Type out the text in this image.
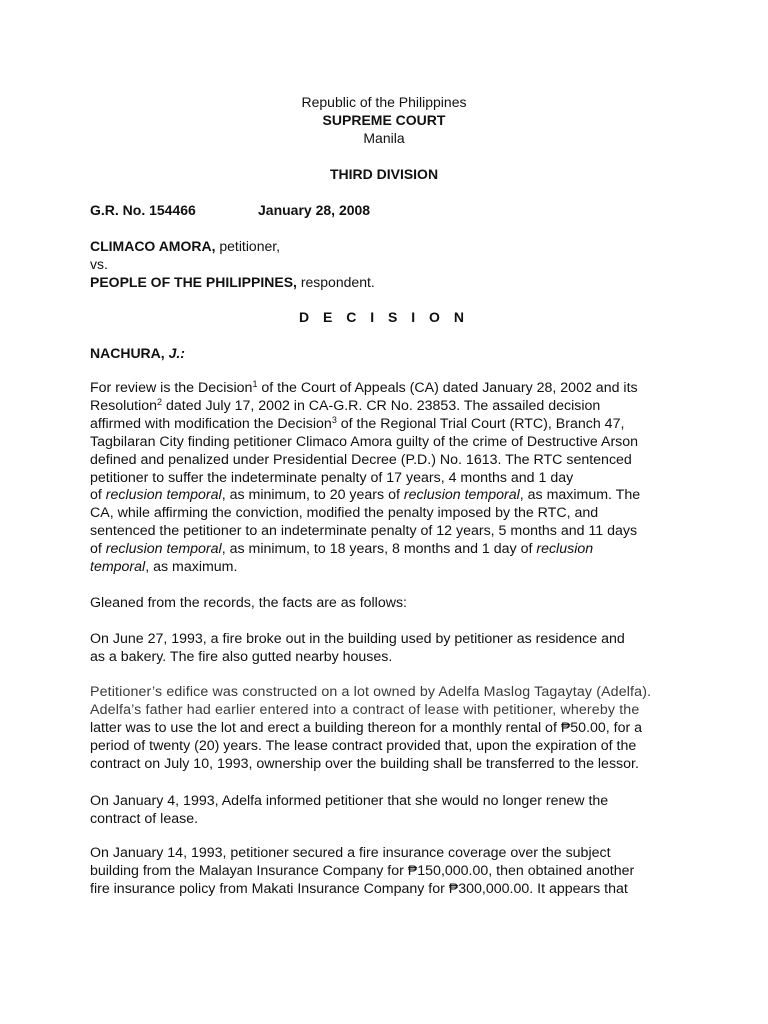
Republic of the Philippines
SUPREME COURT
Manila
THIRD DIVISION
G.R. No. 154466	January 28, 2008
CLIMACO AMORA, petitioner,
vs.
PEOPLE OF THE PHILIPPINES, respondent.
D E C I S I O N
NACHURA, J.:
For review is the Decision$^1$ of the Court of Appeals (CA) dated January 28, 2002 and its
Resolution$^2$ dated July 17, 2002 in CA-G.R. CR No. 23853. The assailed decision
affirmed with modification the Decision$^3$ of the Regional Trial Court (RTC), Branch 47,
Tagbilaran City finding petitioner Climaco Amora guilty of the crime of Destructive Arson
defined and penalized under Presidential Decree (P.D.) No. 1613. The RTC sentenced
petitioner to suffer the indeterminate penalty of 17 years, 4 months and 1 day
of reclusion temporal, as minimum, to 20 years of reclusion temporal, as maximum. The
CA, while affirming the conviction, modified the penalty imposed by the RTC, and
sentenced the petitioner to an indeterminate penalty of 12 years, 5 months and 11 days
of reclusion temporal, as minimum, to 18 years, 8 months and 1 day of reclusion
temporal, as maximum.
Gleaned from the records, the facts are as follows:
On June 27, 1993, a fire broke out in the building used by petitioner as residence and
as a bakery. The fire also gutted nearby houses.
Petitioner’s edifice was constructed on a lot owned by Adelfa Maslog Tagaytay (Adelfa).
Adelfa’s father had earlier entered into a contract of lease with petitioner, whereby the
latter was to use the lot and erect a building thereon for a monthly rental of ₱50.00, for a
period of twenty (20) years. The lease contract provided that, upon the expiration of the
contract on July 10, 1993, ownership over the building shall be transferred to the lessor.
On January 4, 1993, Adelfa informed petitioner that she would no longer renew the
contract of lease.
On January 14, 1993, petitioner secured a fire insurance coverage over the subject
building from the Malayan Insurance Company for ₱150,000.00, then obtained another
fire insurance policy from Makati Insurance Company for ₱300,000.00. It appears that
